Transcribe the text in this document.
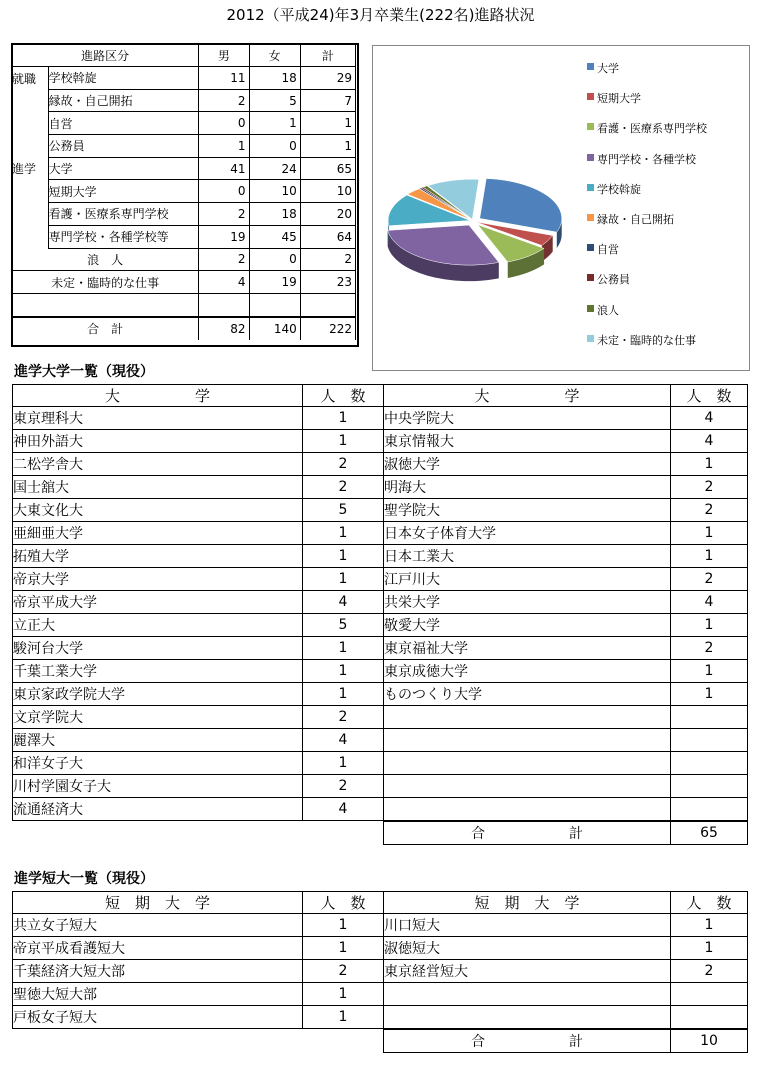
2012（平成24)年3月卒業生(222名)進路状況
進路区分		男	女	計
就職	学校斡旋	11	18	29
	縁故・自己開拓	2	5	7
	自営	0	1	1
	公務員	1	0	1
進学	大学	41	24	65
	短期大学	0	10	10
	看護・医療系専門学校	2	18	20
	専門学校・各種学校等	19	45	64
浪　人		2	0	2
未定・臨時的な仕事		4	19	23

合　計		82	140	222
大学
短期大学
看護・医療系専門学校
専門学校・各種学校
学校斡旋
縁故・自己開拓
自営
公務員
浪人
未定・臨時的な仕事
進学大学一覧（現役）
大　　　　　学	人　数	大　　　　　学	人　数
東京理科大	1	中央学院大	4
神田外語大	1	東京情報大	4
二松学舎大	2	淑徳大学	1
国士舘大	2	明海大	2
大東文化大	5	聖学院大	2
亜細亜大学	1	日本女子体育大学	1
拓殖大学	1	日本工業大	1
帝京大学	1	江戸川大	2
帝京平成大学	4	共栄大学	4
立正大	5	敬愛大学	1
駿河台大学	1	東京福祉大学	2
千葉工業大学	1	東京成徳大学	1
東京家政学院大学	1	ものつくり大学	1
文京学院大	2		
麗澤大	4		
和洋女子大	1		
川村学園女子大	2		
流通経済大	4		
合　　　　　　計	65
進学短大一覧（現役）
短　期　大　学	人　数	短　期　大　学	人　数
共立女子短大	1	川口短大	1
帝京平成看護短大	1	淑徳短大	1
千葉経済大短大部	2	東京経営短大	2
聖徳大短大部	1		
戸板女子短大	1		
合　　　　　　計	10
